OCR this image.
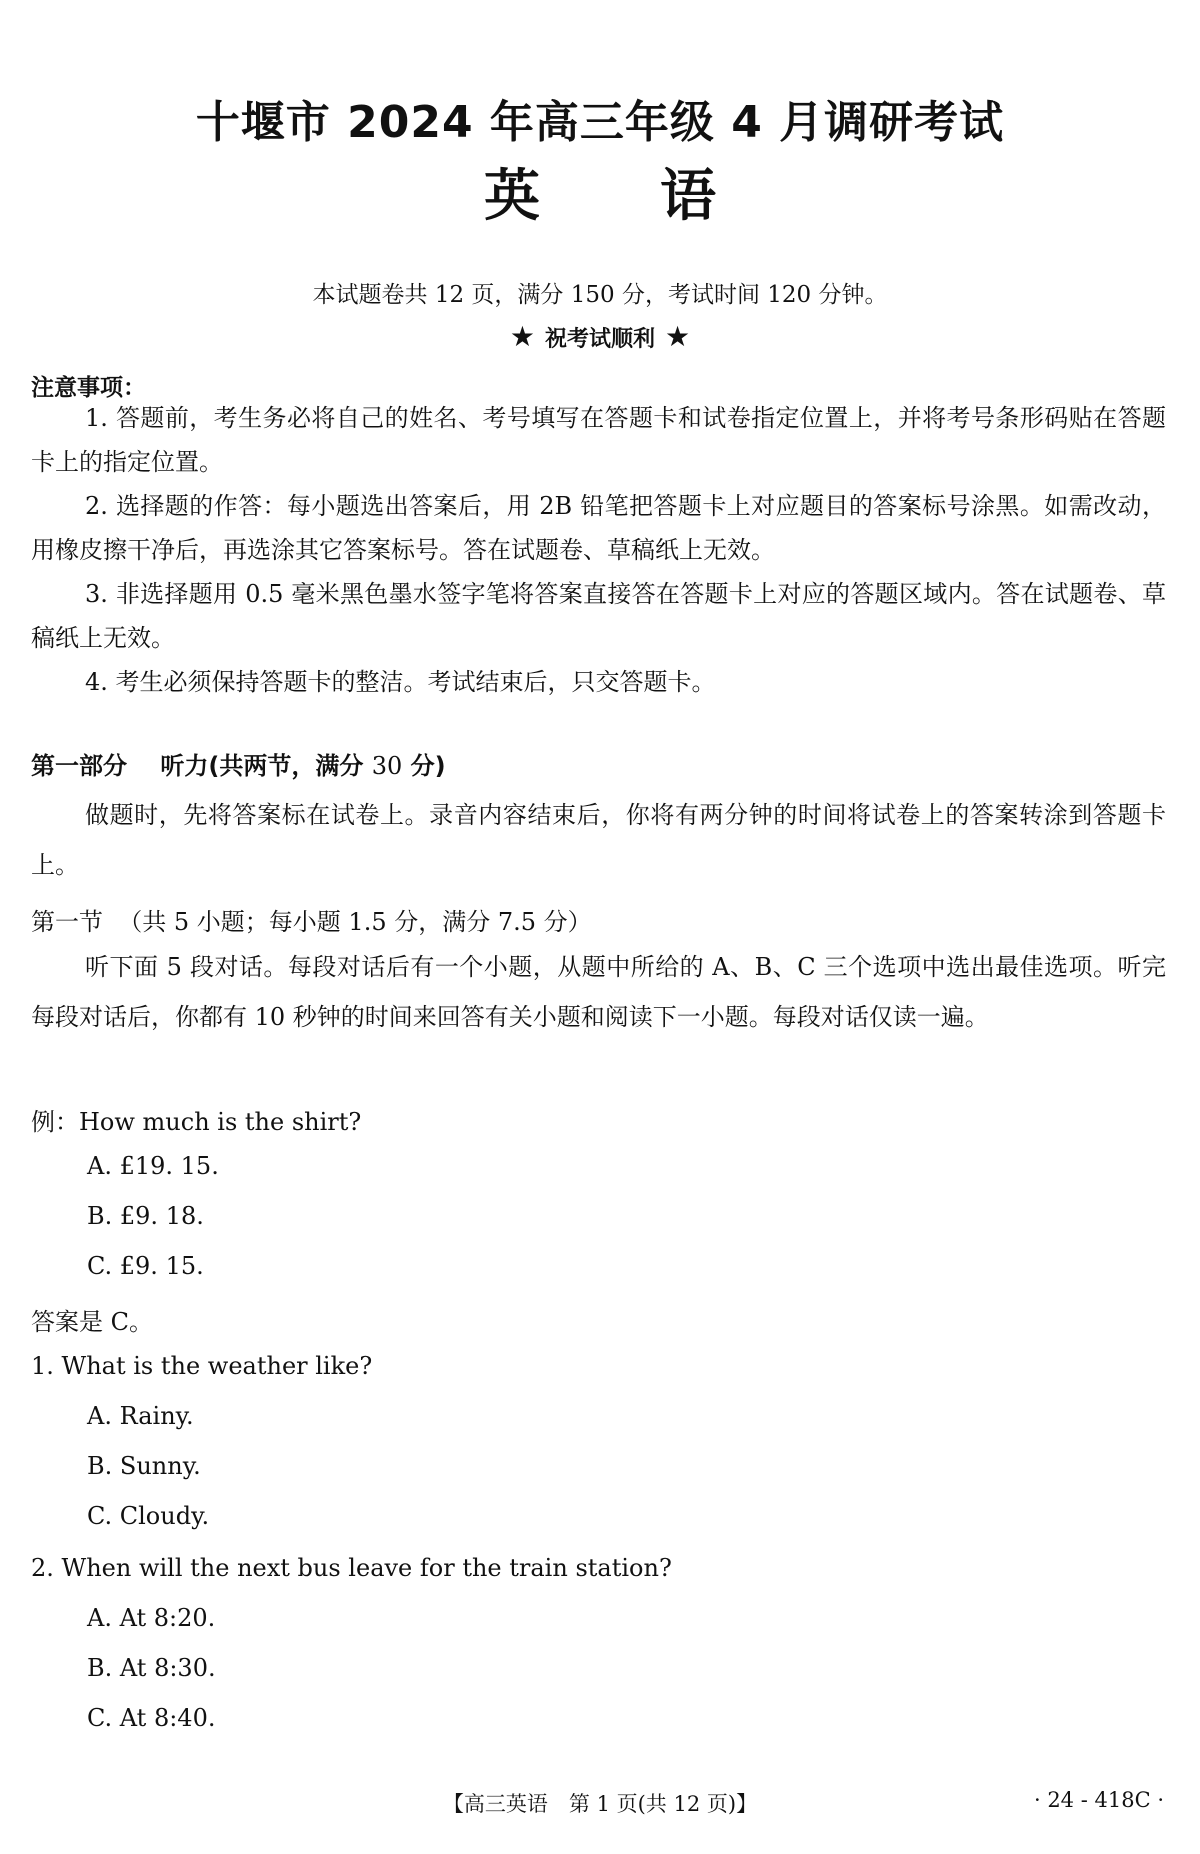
十堰市 2024 年高三年级 4 月调研考试
英语
本试题卷共 12 页，满分 150 分，考试时间 120 分钟。
★ 祝考试顺利 ★
注意事项：
1. 答题前，考生务必将自己的姓名、考号填写在答题卡和试卷指定位置上，并将考号条形码贴在答题卡上的指定位置。
2. 选择题的作答：每小题选出答案后，用 2B 铅笔把答题卡上对应题目的答案标号涂黑。如需改动，用橡皮擦干净后，再选涂其它答案标号。答在试题卷、草稿纸上无效。
3. 非选择题用 0.5 毫米黑色墨水签字笔将答案直接答在答题卡上对应的答题区域内。答在试题卷、草稿纸上无效。
4. 考生必须保持答题卡的整洁。考试结束后，只交答题卡。
第一部分 听力(共两节，满分 30 分)
做题时，先将答案标在试卷上。录音内容结束后，你将有两分钟的时间将试卷上的答案转涂到答题卡上。
第一节 （共 5 小题；每小题 1.5 分，满分 7.5 分）
听下面 5 段对话。每段对话后有一个小题，从题中所给的 A、B、C 三个选项中选出最佳选项。听完每段对话后，你都有 10 秒钟的时间来回答有关小题和阅读下一小题。每段对话仅读一遍。
例：How much is the shirt?
A. £19. 15.
B. £9. 18.
C. £9. 15.
答案是 C。
1. What is the weather like?
A. Rainy.
B. Sunny.
C. Cloudy.
2. When will the next bus leave for the train station?
A. At 8:20.
B. At 8:30.
C. At 8:40.
【高三英语　第 1 页(共 12 页)】	· 24 - 418C ·
